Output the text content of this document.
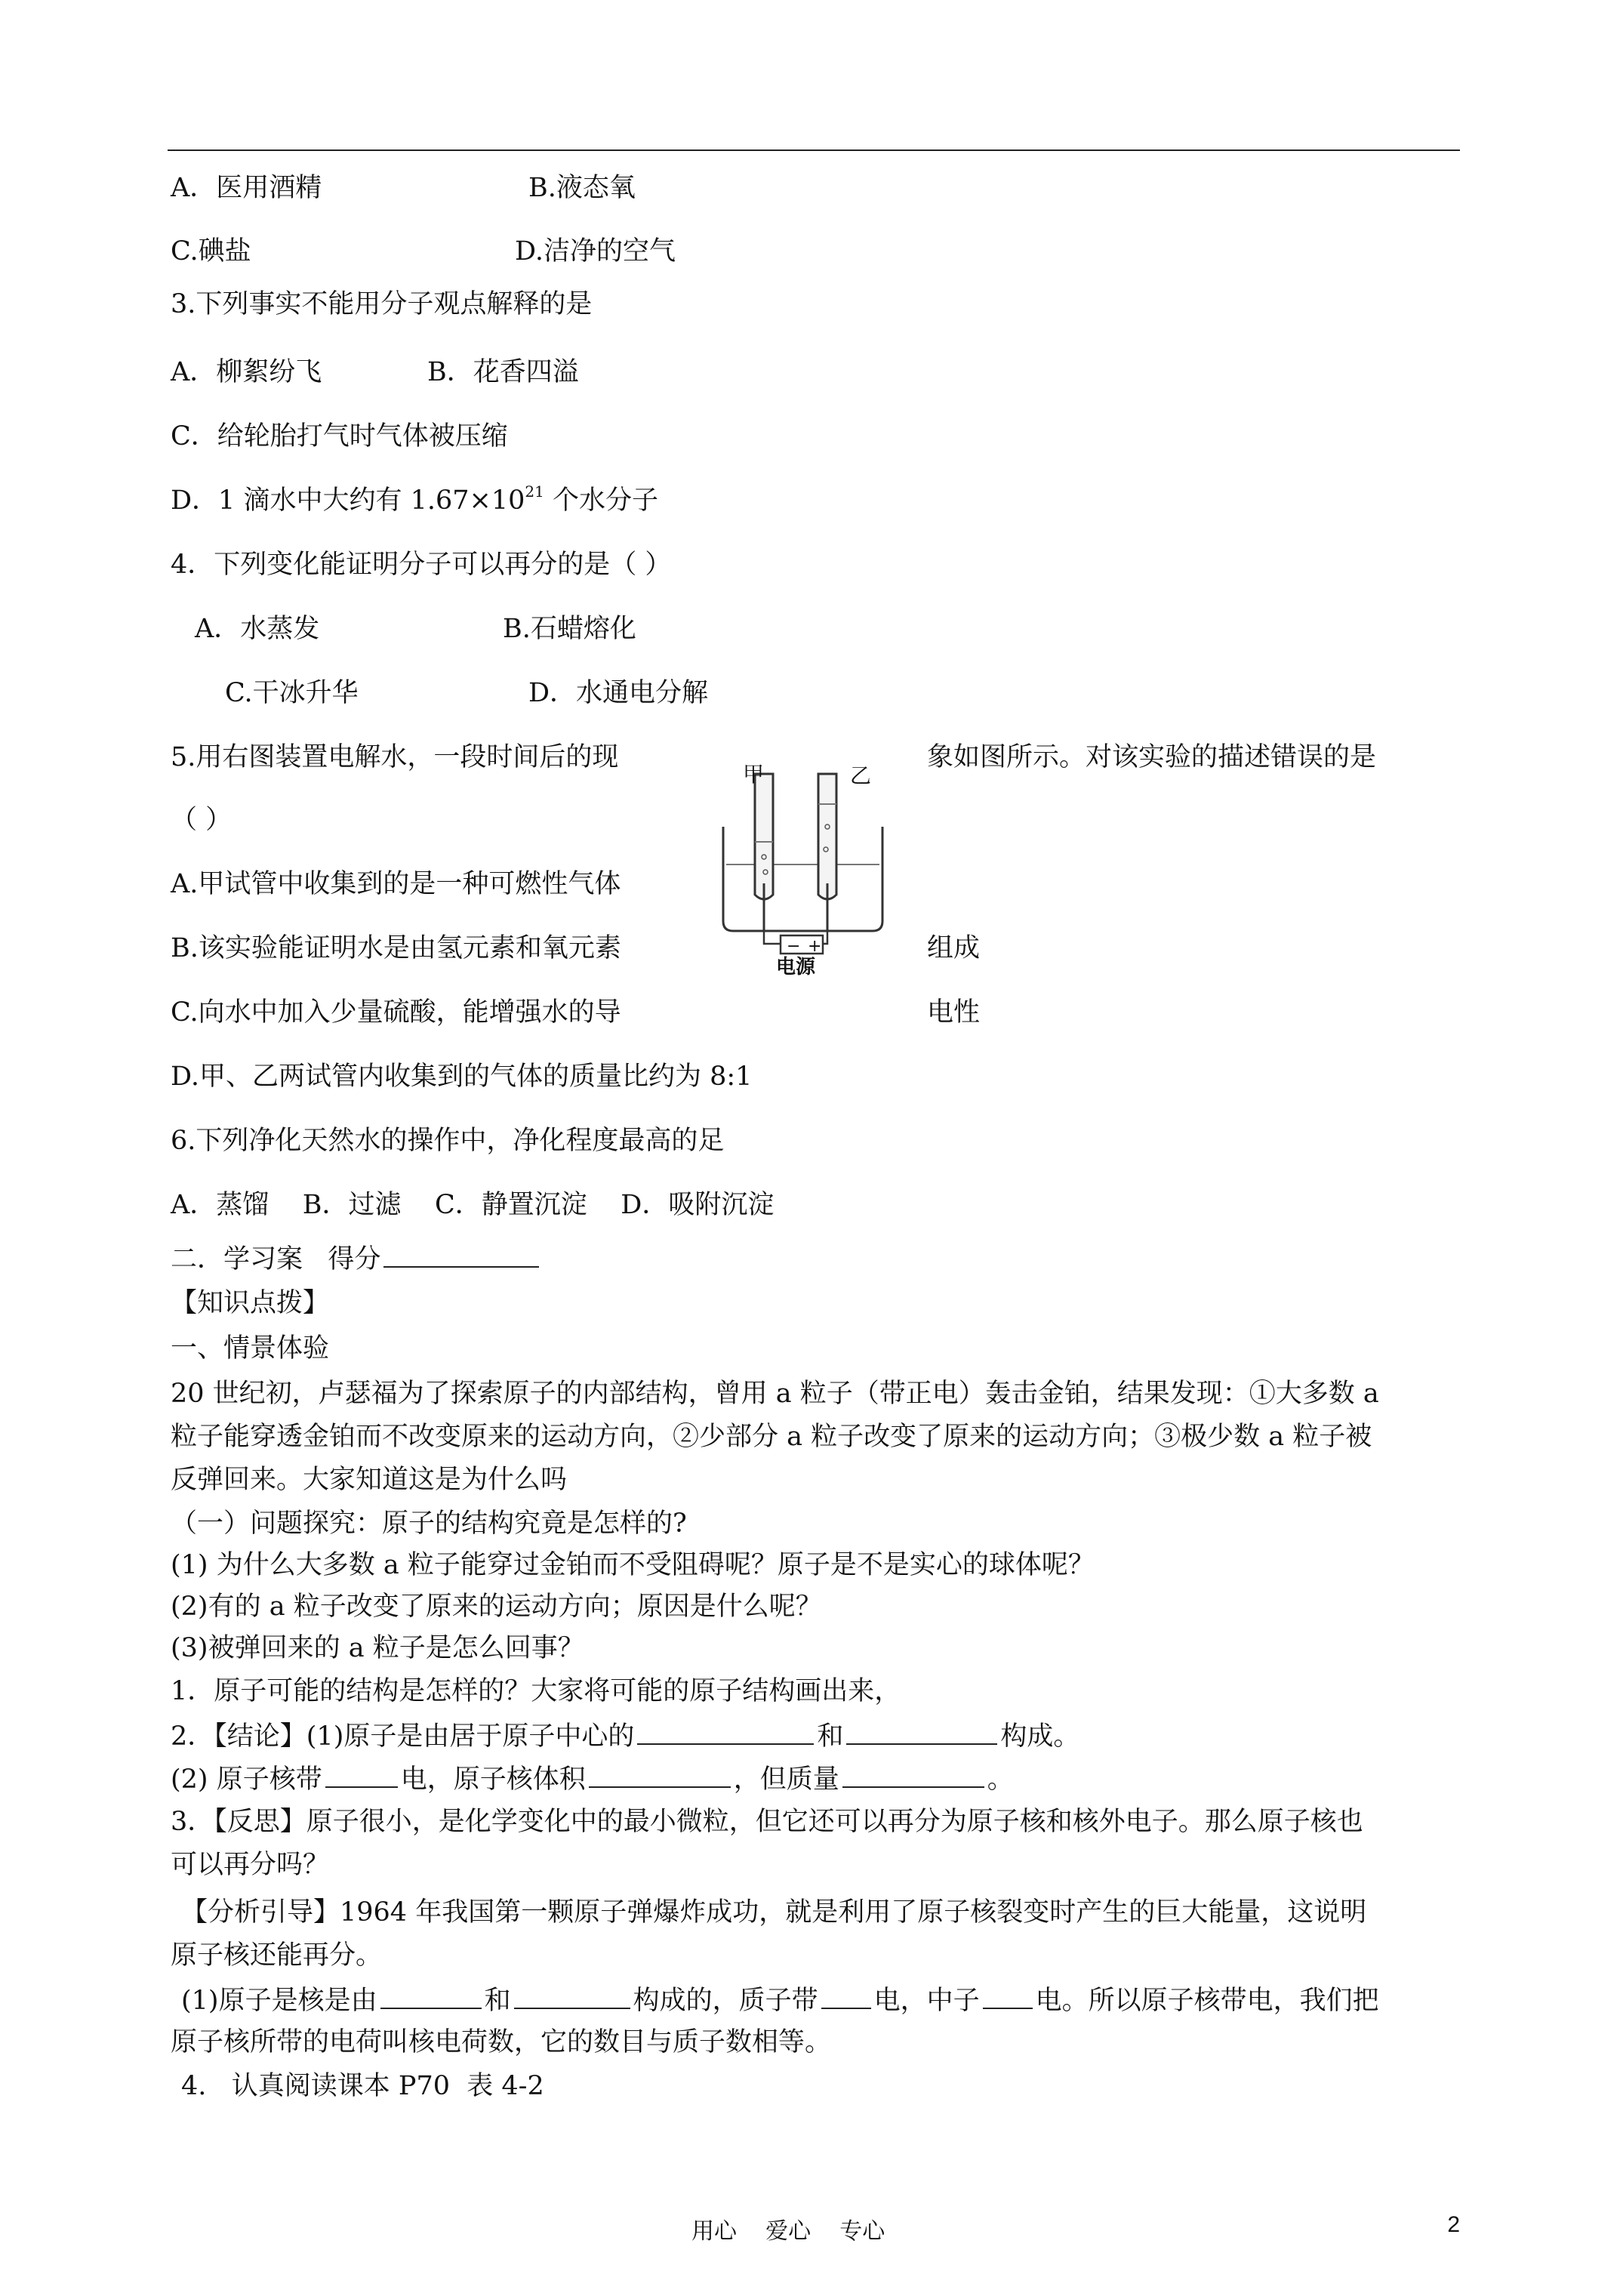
A．医用酒精	B.液态氧
C.碘盐	D.洁净的空气
3.下列事实不能用分子观点解释的是
A．柳絮纷飞	B．花香四溢
C．给轮胎打气时气体被压缩
D．1 滴水中大约有 $1.67\times 10^{21}$ 个水分子
4．下列变化能证明分子可以再分的是（ ）
A．水蒸发	B.石蜡熔化
C.干冰升华	D．水通电分解
5.用右图装置电解水，一段时间后的现	象如图所示。对该实验的描述错误的是
（ ）
A.甲试管中收集到的是一种可燃性气体
B.该实验能证明水是由氢元素和氧元素	组成
C.向水中加入少量硫酸，能增强水的导	电性
D.甲、乙两试管内收集到的气体的质量比约为 8:1
甲	乙
− +
电源
6.下列净化天然水的操作中，净化程度最高的足
A．蒸馏    B．过滤    C．静置沉淀    D．吸附沉淀
二．学习案   得分
【知识点拨】
一、情景体验
20 世纪初，卢瑟福为了探索原子的内部结构，曾用 a 粒子（带正电）轰击金铂，结果发现：①大多数 a
粒子能穿透金铂而不改变原来的运动方向，②少部分 a 粒子改变了原来的运动方向；③极少数 a 粒子被
反弹回来。大家知道这是为什么吗
（一）问题探究：原子的结构究竟是怎样的?
(1) 为什么大多数 a 粒子能穿过金铂而不受阻碍呢？原子是不是实心的球体呢？
(2)有的 a 粒子改变了原来的运动方向；原因是什么呢？
(3)被弹回来的 a 粒子是怎么回事？
1．原子可能的结构是怎样的？大家将可能的原子结构画出来，
2．【结论】(1)原子是由居于原子中心的	和	构成。
(2) 原子核带	电，原子核体积	，但质量	。
3．【反思】原子很小，是化学变化中的最小微粒，但它还可以再分为原子核和核外电子。那么原子核也
可以再分吗？
【分析引导】1964 年我国第一颗原子弹爆炸成功，就是利用了原子核裂变时产生的巨大能量，这说明
原子核还能再分。
(1)原子是核是由	和	构成的，质子带 电，中子 电。所以原子核带电，我们把
原子核所带的电荷叫核电荷数，它的数目与质子数相等。
4.   认真阅读课本 P70  表 4-2
用心    爱心    专心	2
